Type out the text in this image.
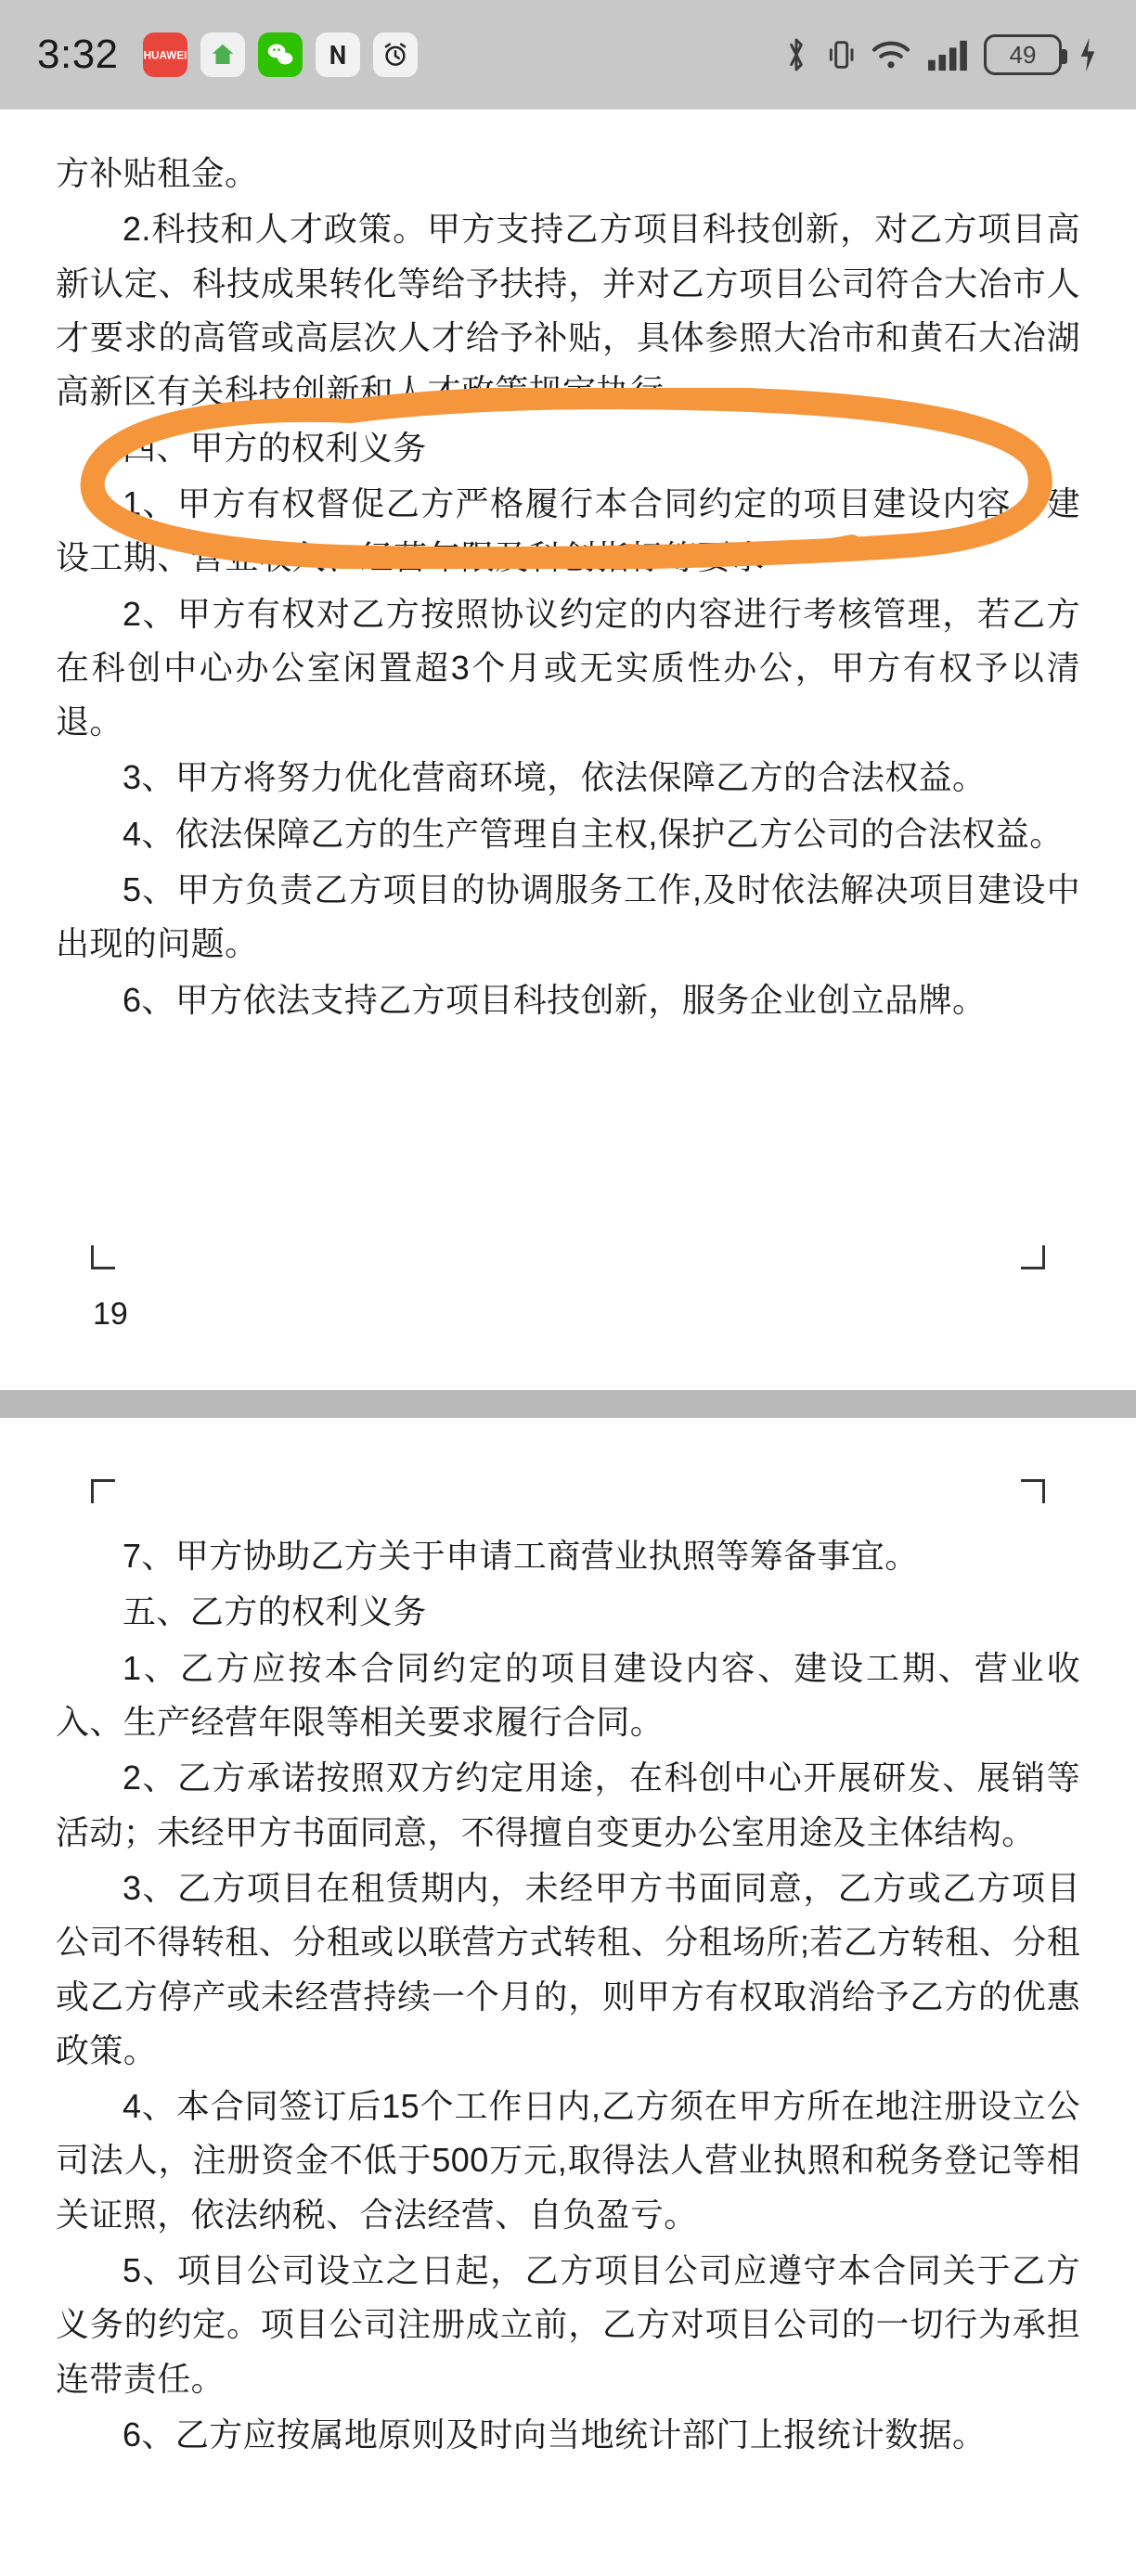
3:32 HUAWEI	49

方补贴租金。

2.科技和人才政策。甲方支持乙方项目科技创新，对乙方项目高新认定、科技成果转化等给予扶持，并对乙方项目公司符合大冶市人才要求的高管或高层次人才给予补贴，具体参照大冶市和黄石大冶湖高新区有关科技创新和人才政策规定执行。

四、甲方的权利义务

1、甲方有权督促乙方严格履行本合同约定的项目建设内容、建设工期、营业收入、经营年限及科创指标等要求

2、甲方有权对乙方按照协议约定的内容进行考核管理，若乙方在科创中心办公室闲置超3个月或无实质性办公，甲方有权予以清退。

3、甲方将努力优化营商环境，依法保障乙方的合法权益。

4、依法保障乙方的生产管理自主权,保护乙方公司的合法权益。

5、甲方负责乙方项目的协调服务工作,及时依法解决项目建设中出现的问题。

6、甲方依法支持乙方项目科技创新，服务企业创立品牌。

19

7、甲方协助乙方关于申请工商营业执照等筹备事宜。

五、乙方的权利义务

1、乙方应按本合同约定的项目建设内容、建设工期、营业收入、生产经营年限等相关要求履行合同。

2、乙方承诺按照双方约定用途，在科创中心开展研发、展销等活动；未经甲方书面同意，不得擅自变更办公室用途及主体结构。

3、乙方项目在租赁期内，未经甲方书面同意，乙方或乙方项目公司不得转租、分租或以联营方式转租、分租场所;若乙方转租、分租或乙方停产或未经营持续一个月的，则甲方有权取消给予乙方的优惠政策。

4、本合同签订后15个工作日内,乙方须在甲方所在地注册设立公司法人，注册资金不低于500万元,取得法人营业执照和税务登记等相关证照，依法纳税、合法经营、自负盈亏。

5、项目公司设立之日起，乙方项目公司应遵守本合同关于乙方义务的约定。项目公司注册成立前，乙方对项目公司的一切行为承担连带责任。

6、乙方应按属地原则及时向当地统计部门上报统计数据。
